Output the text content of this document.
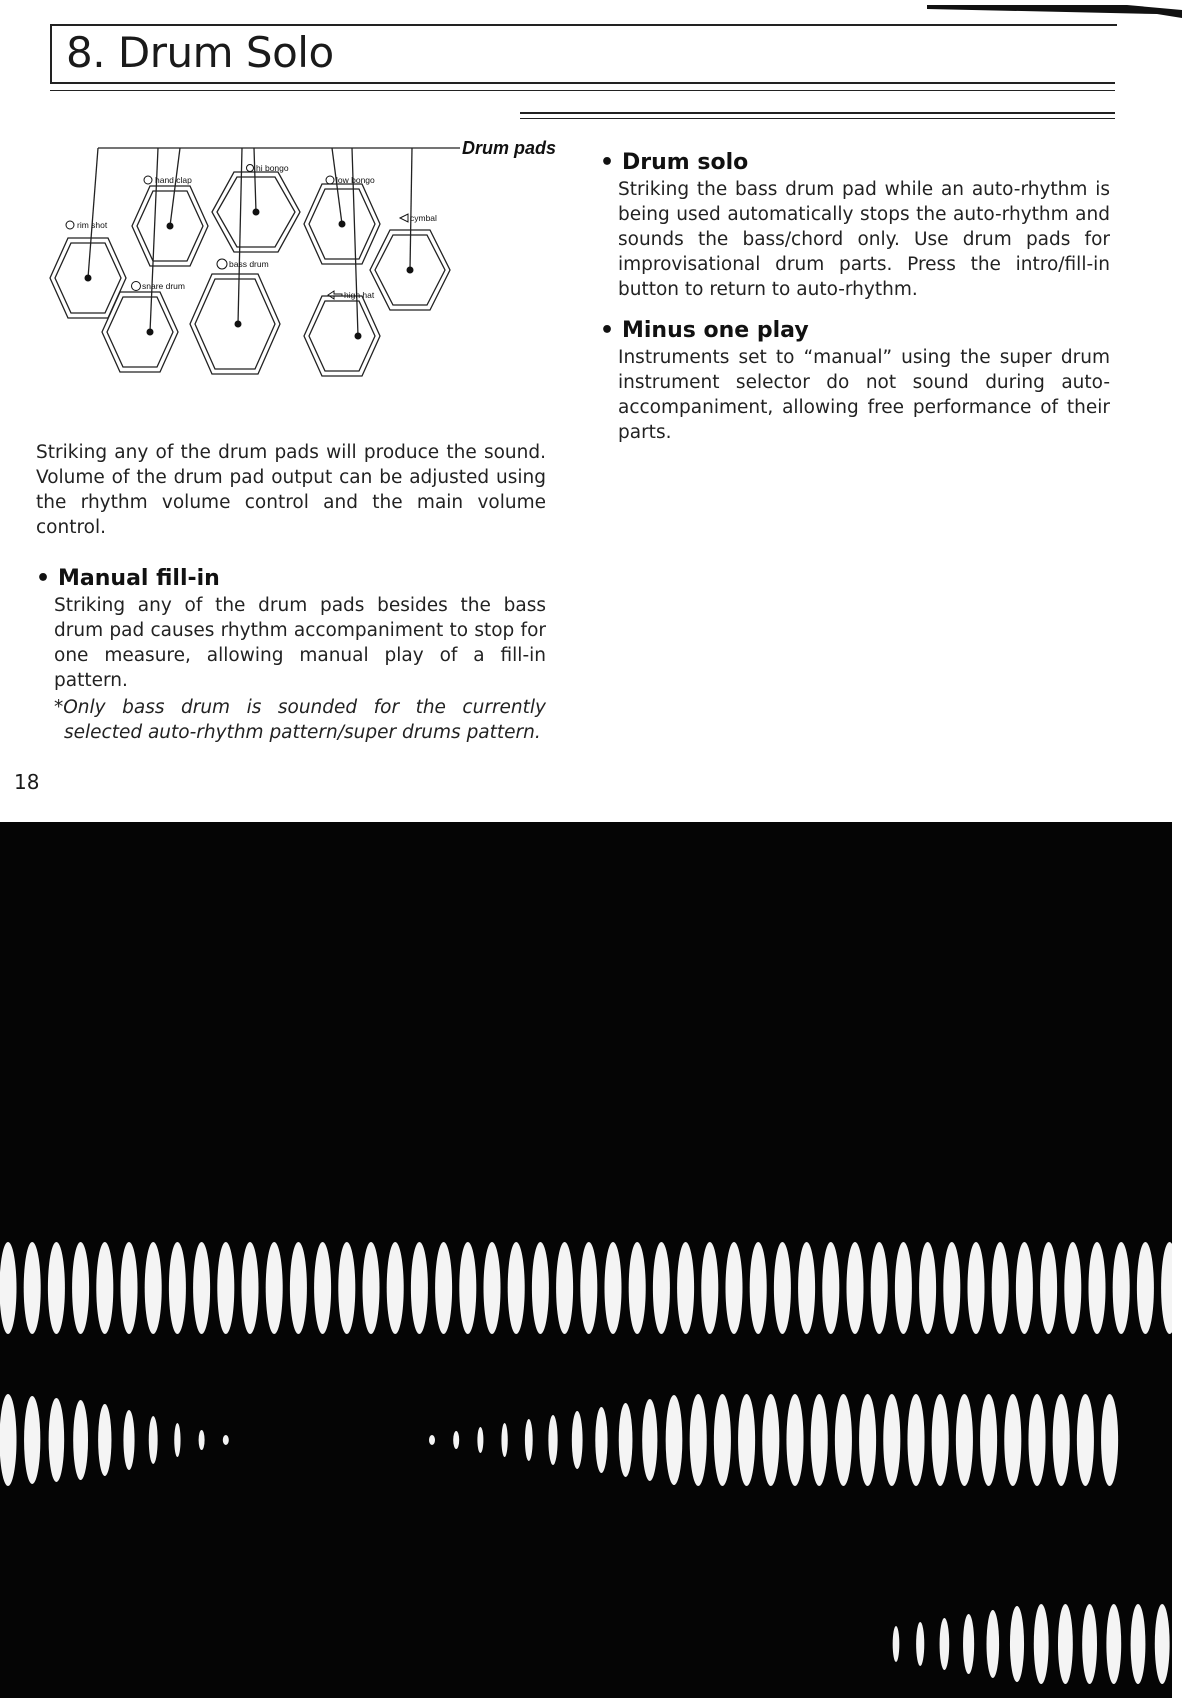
8. Drum Solo
rim shot
hand clap
hi bongo
low bongo
cymbal
snare drum
bass drum
high hat
Drum pads

Striking any of the drum pads will produce the sound. Volume of the drum pad output can be adjusted using the rhythm volume control and the main volume control.

• Manual fill-in

Striking any of the drum pads besides the bass drum pad causes rhythm accompaniment to stop for one measure, allowing manual play of a fill-in pattern.

*Only bass drum is sounded for the currently selected auto-rhythm pattern/super drums pattern.

• Drum solo

Striking the bass drum pad while an auto-rhythm is being used automatically stops the auto-rhythm and sounds the bass/chord only. Use drum pads for improvisational drum parts. Press the intro/fill-in button to return to auto-rhythm.

• Minus one play

Instruments set to “manual” using the super drum instrument selector do not sound during auto-accompaniment, allowing free performance of their parts.

18
